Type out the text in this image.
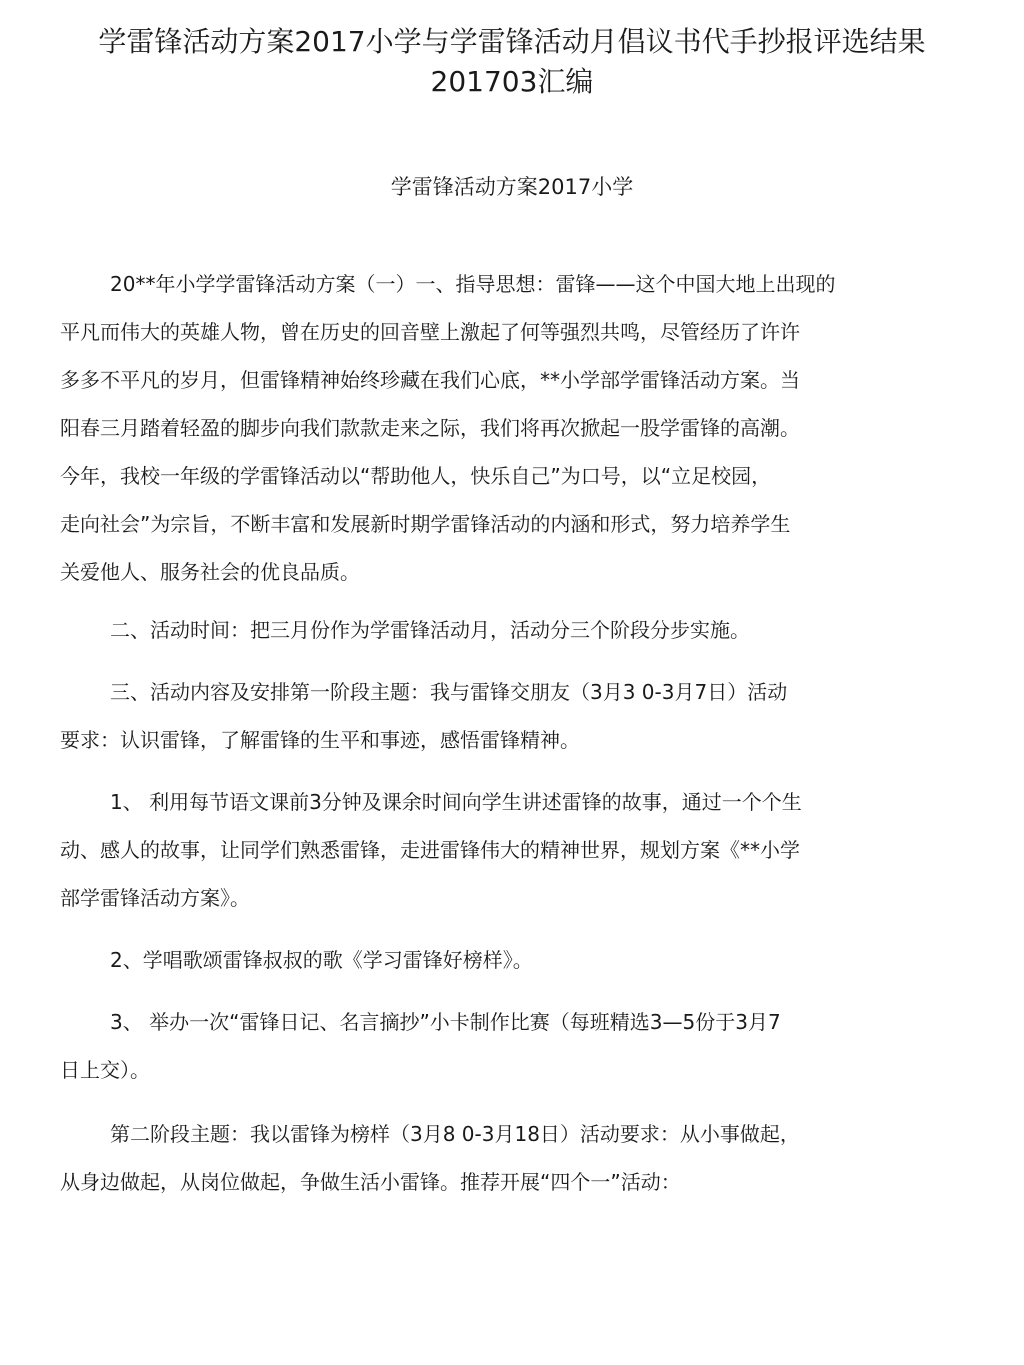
学雷锋活动方案2017小学与学雷锋活动月倡议书代手抄报评选结果
201703汇编
学雷锋活动方案2017小学
20**年小学学雷锋活动方案（一）一、指导思想：雷锋——这个中国大地上出现的
平凡而伟大的英雄人物，曾在历史的回音壁上激起了何等强烈共鸣，尽管经历了许许
多多不平凡的岁月，但雷锋精神始终珍藏在我们心底，**小学部学雷锋活动方案。当
阳春三月踏着轻盈的脚步向我们款款走来之际，我们将再次掀起一股学雷锋的高潮。
今年，我校一年级的学雷锋活动以“帮助他人，快乐自己”为口号，以“立足校园，
走向社会”为宗旨，不断丰富和发展新时期学雷锋活动的内涵和形式，努力培养学生
关爱他人、服务社会的优良品质。
二、活动时间：把三月份作为学雷锋活动月，活动分三个阶段分步实施。
三、活动内容及安排第一阶段主题：我与雷锋交朋友（3月3 0-3月7日）活动
要求：认识雷锋，了解雷锋的生平和事迹，感悟雷锋精神。
1、 利用每节语文课前3分钟及课余时间向学生讲述雷锋的故事，通过一个个生
动、感人的故事，让同学们熟悉雷锋，走进雷锋伟大的精神世界，规划方案《**小学
部学雷锋活动方案》。
2、学唱歌颂雷锋叔叔的歌《学习雷锋好榜样》。
3、 举办一次“雷锋日记、名言摘抄”小卡制作比赛（每班精选3—5份于3月7
日上交）。
第二阶段主题：我以雷锋为榜样（3月8 0-3月18日）活动要求：从小事做起，
从身边做起，从岗位做起，争做生活小雷锋。推荐开展“四个一”活动：
